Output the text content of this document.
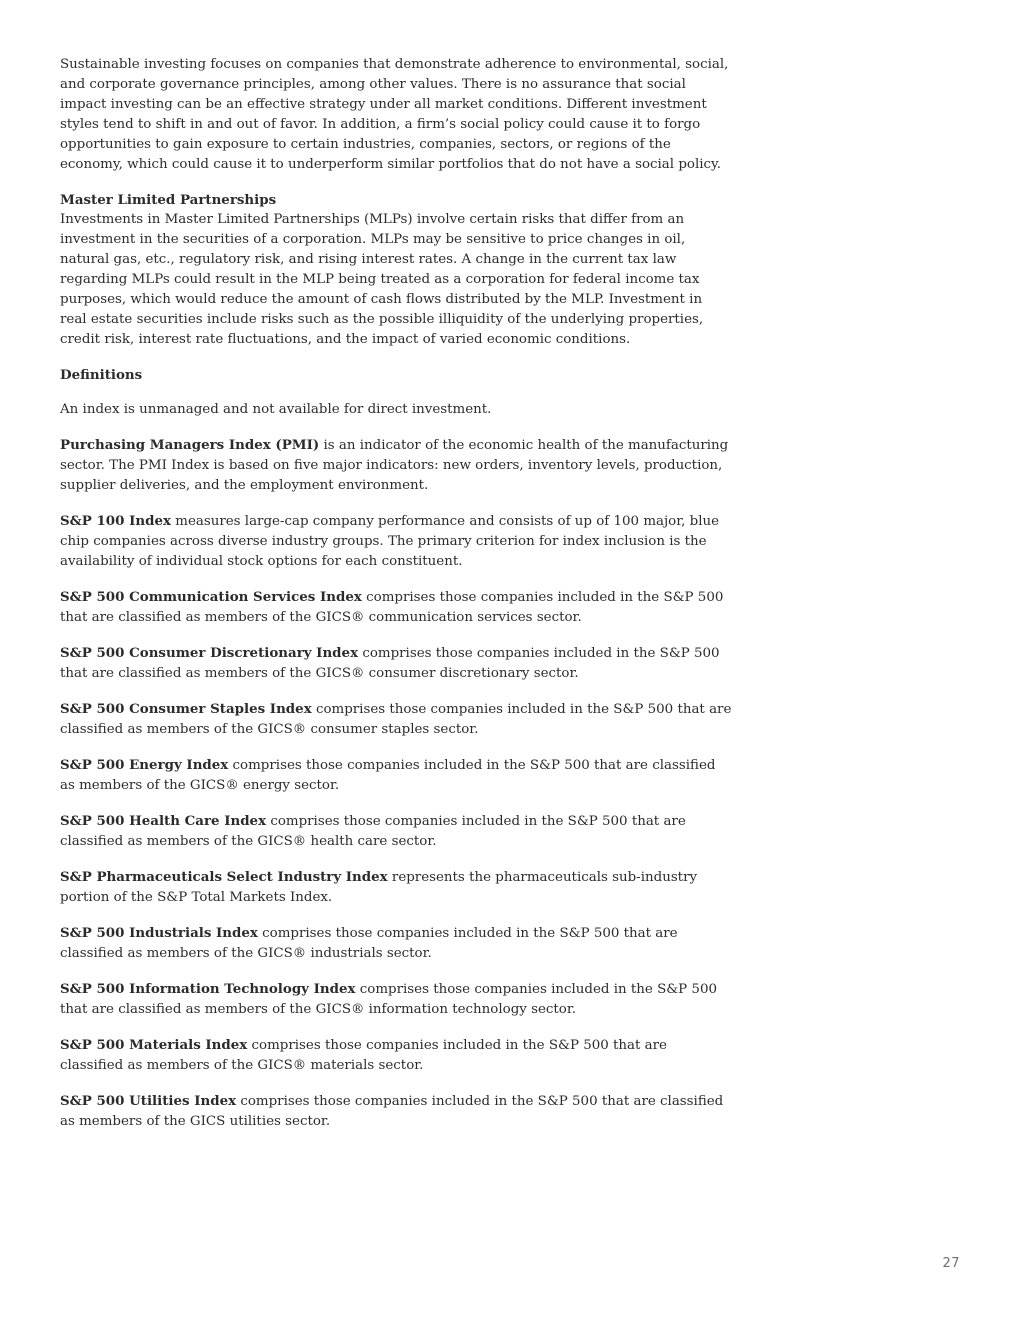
Sustainable investing focuses on companies that demonstrate adherence to environmental, social, and corporate governance principles, among other values. There is no assurance that social impact investing can be an effective strategy under all market conditions. Different investment styles tend to shift in and out of favor. In addition, a firm’s social policy could cause it to forgo opportunities to gain exposure to certain industries, companies, sectors, or regions of the economy, which could cause it to underperform similar portfolios that do not have a social policy.

Master Limited Partnerships
Investments in Master Limited Partnerships (MLPs) involve certain risks that differ from an investment in the securities of a corporation. MLPs may be sensitive to price changes in oil, natural gas, etc., regulatory risk, and rising interest rates. A change in the current tax law regarding MLPs could result in the MLP being treated as a corporation for federal income tax purposes, which would reduce the amount of cash flows distributed by the MLP. Investment in real estate securities include risks such as the possible illiquidity of the underlying properties, credit risk, interest rate fluctuations, and the impact of varied economic conditions.

Definitions

An index is unmanaged and not available for direct investment.

Purchasing Managers Index (PMI) is an indicator of the economic health of the manufacturing sector. The PMI Index is based on five major indicators: new orders, inventory levels, production, supplier deliveries, and the employment environment.

S&P 100 Index measures large-cap company performance and consists of up of 100 major, blue chip companies across diverse industry groups. The primary criterion for index inclusion is the availability of individual stock options for each constituent.

S&P 500 Communication Services Index comprises those companies included in the S&P 500 that are classified as members of the GICS® communication services sector.

S&P 500 Consumer Discretionary Index comprises those companies included in the S&P 500 that are classified as members of the GICS® consumer discretionary sector.

S&P 500 Consumer Staples Index comprises those companies included in the S&P 500 that are classified as members of the GICS® consumer staples sector.

S&P 500 Energy Index comprises those companies included in the S&P 500 that are classified as members of the GICS® energy sector.

S&P 500 Health Care Index comprises those companies included in the S&P 500 that are classified as members of the GICS® health care sector.

S&P Pharmaceuticals Select Industry Index represents the pharmaceuticals sub-industry portion of the S&P Total Markets Index.

S&P 500 Industrials Index comprises those companies included in the S&P 500 that are classified as members of the GICS® industrials sector.

S&P 500 Information Technology Index comprises those companies included in the S&P 500 that are classified as members of the GICS® information technology sector.

S&P 500 Materials Index comprises those companies included in the S&P 500 that are classified as members of the GICS® materials sector.

S&P 500 Utilities Index comprises those companies included in the S&P 500 that are classified as members of the GICS utilities sector.

27
